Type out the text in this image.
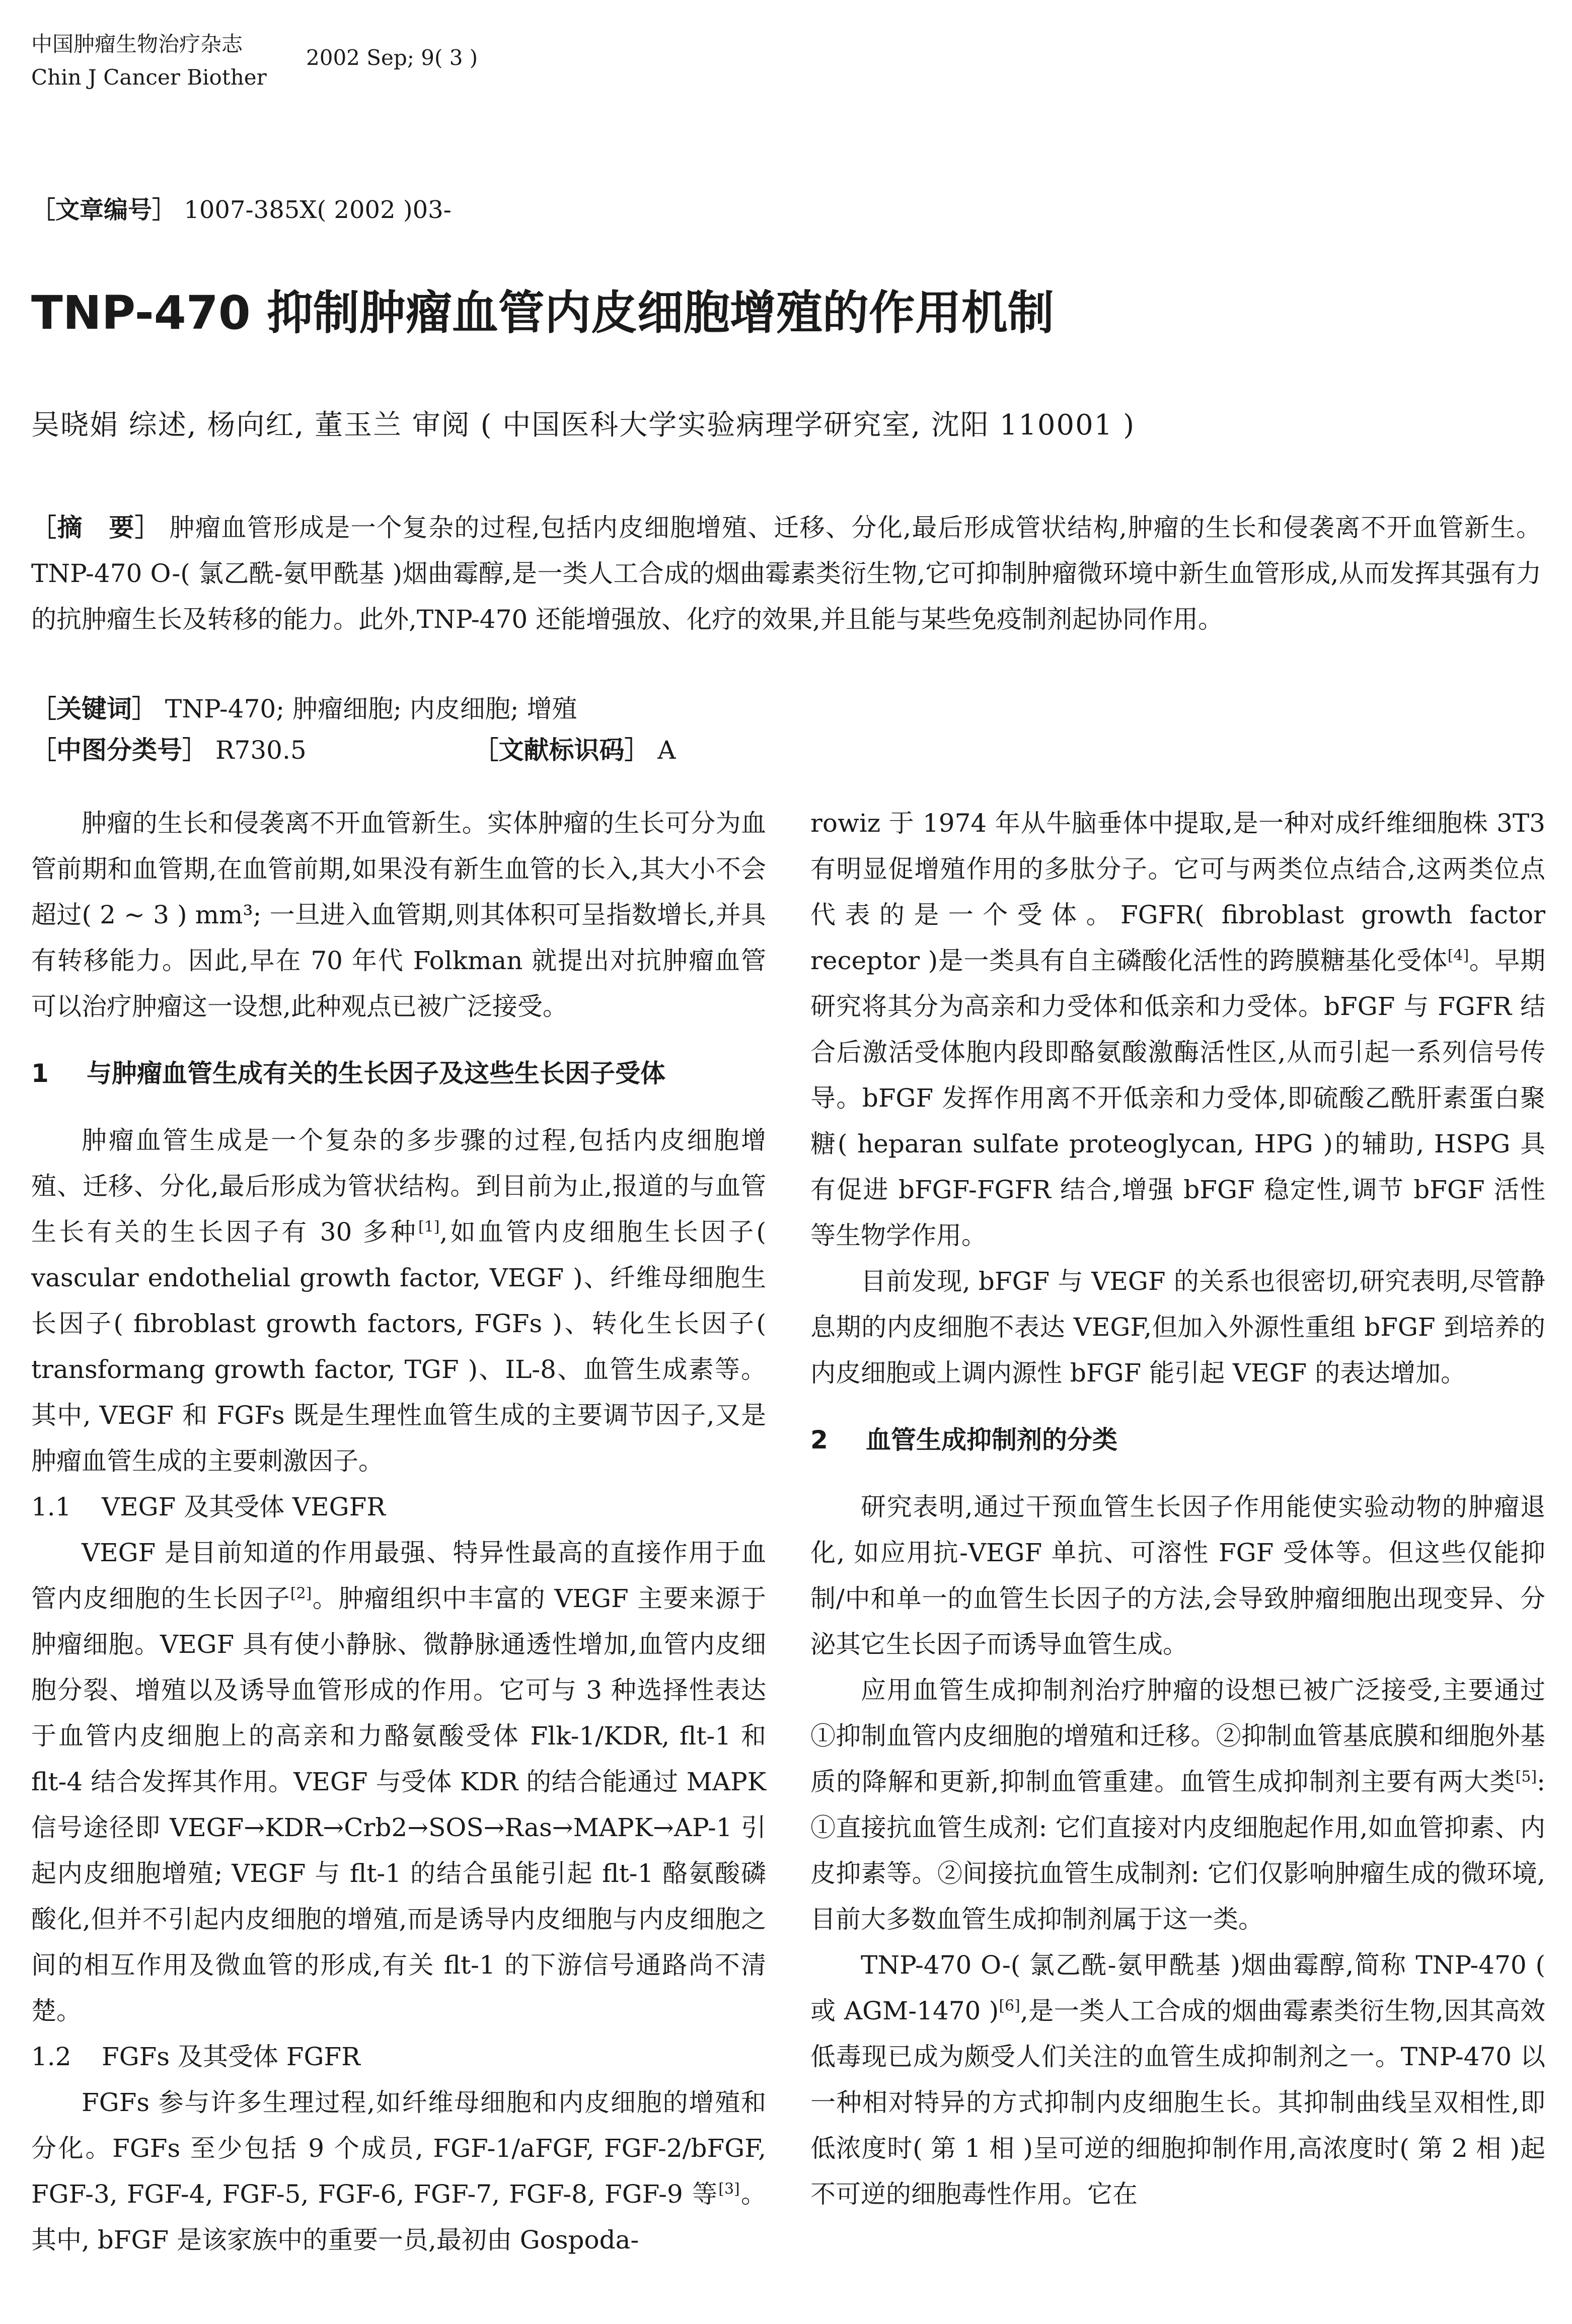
中国肿瘤生物治疗杂志
Chin J Cancer Biother
2002 Sep; 9( 3 )
［文章编号］ 1007-385X( 2002 )03-
TNP-470 抑制肿瘤血管内皮细胞增殖的作用机制
吴晓娟 综述, 杨向红, 董玉兰 审阅 ( 中国医科大学实验病理学研究室, 沈阳 110001 )
［摘　要］ 肿瘤血管形成是一个复杂的过程,包括内皮细胞增殖、迁移、分化,最后形成管状结构,肿瘤的生长和侵袭离不开血管新生。TNP-470 O-( 氯乙酰-氨甲酰基 )烟曲霉醇,是一类人工合成的烟曲霉素类衍生物,它可抑制肿瘤微环境中新生血管形成,从而发挥其强有力的抗肿瘤生长及转移的能力。此外,TNP-470 还能增强放、化疗的效果,并且能与某些免疫制剂起协同作用。
［关键词］ TNP-470; 肿瘤细胞; 内皮细胞; 增殖
［中图分类号］ R730.5	［文献标识码］ A

肿瘤的生长和侵袭离不开血管新生。实体肿瘤的生长可分为血管前期和血管期,在血管前期,如果没有新生血管的长入,其大小不会超过( 2 ~ 3 ) mm³; 一旦进入血管期,则其体积可呈指数增长,并具有转移能力。因此,早在 70 年代 Folkman 就提出对抗肿瘤血管可以治疗肿瘤这一设想,此种观点已被广泛接受。

1 与肿瘤血管生成有关的生长因子及这些生长因子受体

肿瘤血管生成是一个复杂的多步骤的过程,包括内皮细胞增殖、迁移、分化,最后形成为管状结构。到目前为止,报道的与血管生长有关的生长因子有 30 多种[1],如血管内皮细胞生长因子( vascular endothelial growth factor, VEGF )、纤维母细胞生长因子( fibroblast growth factors, FGFs )、转化生长因子( transformang growth factor, TGF )、IL-8、血管生成素等。其中, VEGF 和 FGFs 既是生理性血管生成的主要调节因子,又是肿瘤血管生成的主要刺激因子。

1.1 VEGF 及其受体 VEGFR

VEGF 是目前知道的作用最强、特异性最高的直接作用于血管内皮细胞的生长因子[2]。肿瘤组织中丰富的 VEGF 主要来源于肿瘤细胞。VEGF 具有使小静脉、微静脉通透性增加,血管内皮细胞分裂、增殖以及诱导血管形成的作用。它可与 3 种选择性表达于血管内皮细胞上的高亲和力酪氨酸受体 Flk-1/KDR, flt-1 和 flt-4 结合发挥其作用。VEGF 与受体 KDR 的结合能通过 MAPK 信号途径即 VEGF→KDR→Crb2→SOS→Ras→MAPK→AP-1 引起内皮细胞增殖; VEGF 与 flt-1 的结合虽能引起 flt-1 酪氨酸磷酸化,但并不引起内皮细胞的增殖,而是诱导内皮细胞与内皮细胞之间的相互作用及微血管的形成,有关 flt-1 的下游信号通路尚不清楚。

1.2 FGFs 及其受体 FGFR

FGFs 参与许多生理过程,如纤维母细胞和内皮细胞的增殖和分化。FGFs 至少包括 9 个成员, FGF-1/aFGF, FGF-2/bFGF, FGF-3, FGF-4, FGF-5, FGF-6, FGF-7, FGF-8, FGF-9 等[3]。其中, bFGF 是该家族中的重要一员,最初由 Gospoda-

rowiz 于 1974 年从牛脑垂体中提取,是一种对成纤维细胞株 3T3 有明显促增殖作用的多肽分子。它可与两类位点结合,这两类位点代表的是一个受体。FGFR( fibroblast growth factor receptor )是一类具有自主磷酸化活性的跨膜糖基化受体[4]。早期研究将其分为高亲和力受体和低亲和力受体。bFGF 与 FGFR 结合后激活受体胞内段即酪氨酸激酶活性区,从而引起一系列信号传导。bFGF 发挥作用离不开低亲和力受体,即硫酸乙酰肝素蛋白聚糖( heparan sulfate proteoglycan, HPG )的辅助, HSPG 具有促进 bFGF-FGFR 结合,增强 bFGF 稳定性,调节 bFGF 活性等生物学作用。

目前发现, bFGF 与 VEGF 的关系也很密切,研究表明,尽管静息期的内皮细胞不表达 VEGF,但加入外源性重组 bFGF 到培养的内皮细胞或上调内源性 bFGF 能引起 VEGF 的表达增加。

2 血管生成抑制剂的分类

研究表明,通过干预血管生长因子作用能使实验动物的肿瘤退化, 如应用抗-VEGF 单抗、可溶性 FGF 受体等。但这些仅能抑制/中和单一的血管生长因子的方法,会导致肿瘤细胞出现变异、分泌其它生长因子而诱导血管生成。

应用血管生成抑制剂治疗肿瘤的设想已被广泛接受,主要通过①抑制血管内皮细胞的增殖和迁移。②抑制血管基底膜和细胞外基质的降解和更新,抑制血管重建。血管生成抑制剂主要有两大类[5]: ①直接抗血管生成剂: 它们直接对内皮细胞起作用,如血管抑素、内皮抑素等。②间接抗血管生成制剂: 它们仅影响肿瘤生成的微环境,目前大多数血管生成抑制剂属于这一类。

TNP-470 O-( 氯乙酰-氨甲酰基 )烟曲霉醇,简称 TNP-470 ( 或 AGM-1470 )[6],是一类人工合成的烟曲霉素类衍生物,因其高效低毒现已成为颇受人们关注的血管生成抑制剂之一。TNP-470 以一种相对特异的方式抑制内皮细胞生长。其抑制曲线呈双相性,即低浓度时( 第 1 相 )呈可逆的细胞抑制作用,高浓度时( 第 2 相 )起不可逆的细胞毒性作用。它在
